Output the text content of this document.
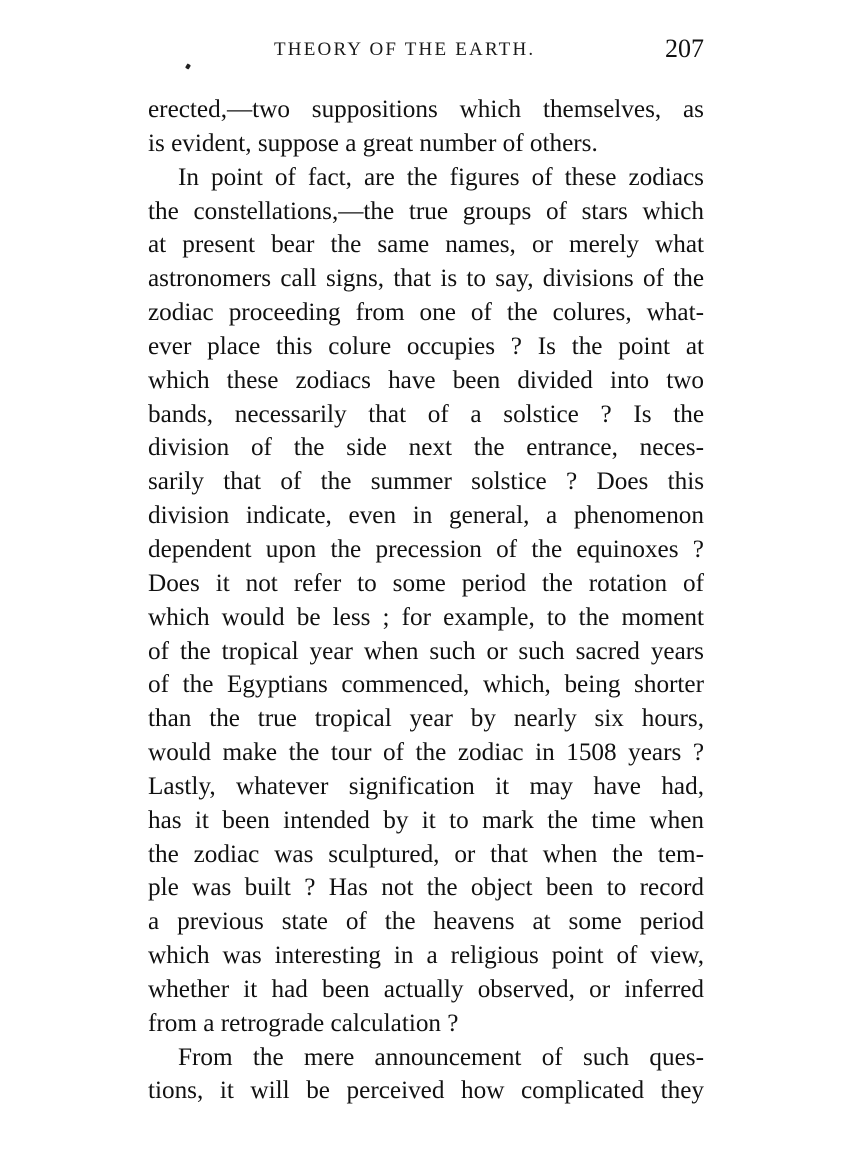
THEORY OF THE EARTH.	207
erected,—two suppositions which themselves, as
is evident, suppose a great number of others.
In point of fact, are the figures of these zodiacs
the constellations,—the true groups of stars which
at present bear the same names, or merely what
astronomers call signs, that is to say, divisions of the
zodiac proceeding from one of the colures, what-
ever place this colure occupies ? Is the point at
which these zodiacs have been divided into two
bands, necessarily that of a solstice ? Is the
division of the side next the entrance, neces-
sarily that of the summer solstice ? Does this
division indicate, even in general, a phenomenon
dependent upon the precession of the equinoxes ?
Does it not refer to some period the rotation of
which would be less ; for example, to the moment
of the tropical year when such or such sacred years
of the Egyptians commenced, which, being shorter
than the true tropical year by nearly six hours,
would make the tour of the zodiac in 1508 years ?
Lastly, whatever signification it may have had,
has it been intended by it to mark the time when
the zodiac was sculptured, or that when the tem-
ple was built ? Has not the object been to record
a previous state of the heavens at some period
which was interesting in a religious point of view,
whether it had been actually observed, or inferred
from a retrograde calculation ?
From the mere announcement of such ques-
tions, it will be perceived how complicated they
